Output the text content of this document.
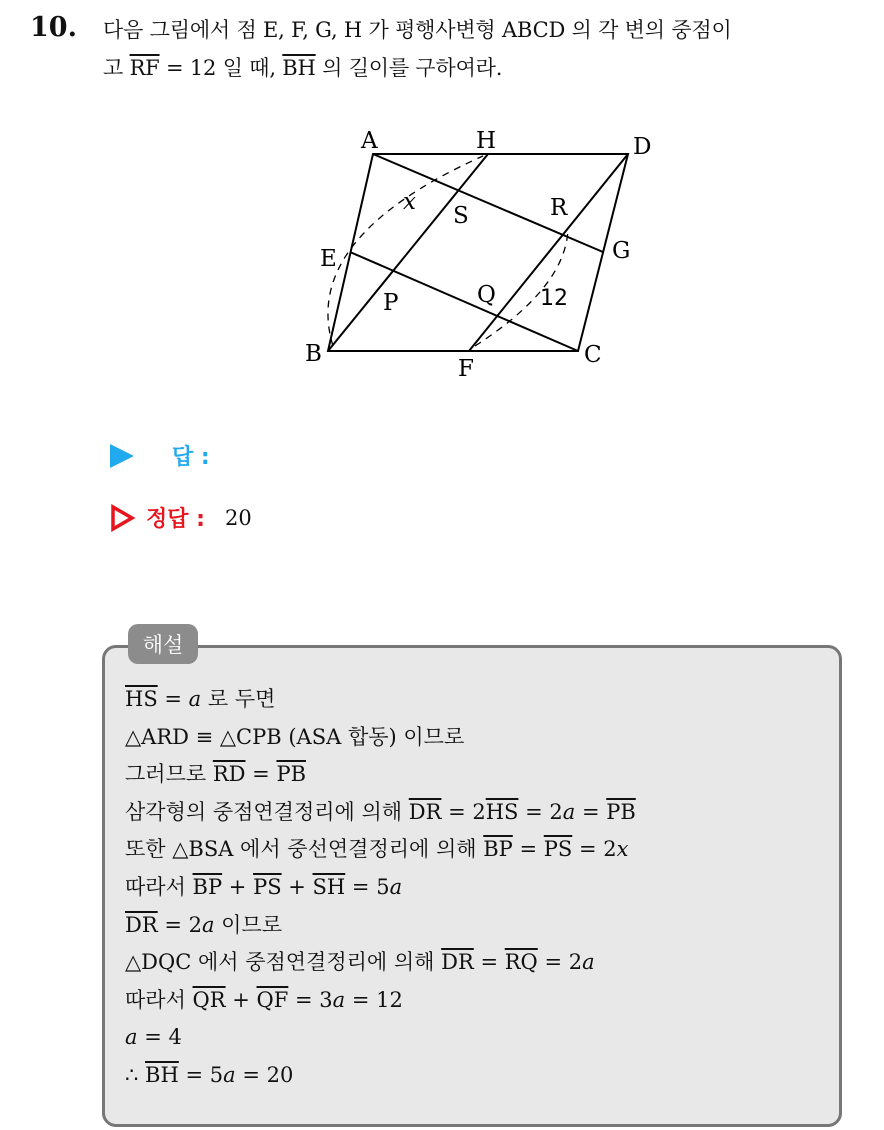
10. 다음 그림에서 점 E, F, G, H 가 평행사변형 ABCD 의 각 변의 중점이
고 $\overline{RF} = 12$ 일 때, $\overline{BH}$ 의 길이를 구하여라.
A	H	D
E	G
B
F
C
S	R
P	Q
x
12
답 :
정답 : 20
해설
$\overline{HS} = a$ 로 두면
△ARD ≡ △CPB (ASA 합동) 이므로
그러므로 $\overline{RD} = \overline{PB}$
삼각형의 중점연결정리에 의해 $\overline{DR} = 2\overline{HS} = 2a = \overline{PB}$
또한 △BSA 에서 중선연결정리에 의해 $\overline{BP} = \overline{PS} = 2x$
따라서 $\overline{BP} + \overline{PS} + \overline{SH} = 5a$
$\overline{DR} = 2a$ 이므로
△DQC 에서 중점연결정리에 의해 $\overline{DR} = \overline{RQ} = 2a$
따라서 $\overline{QR} + \overline{QF} = 3a = 12$
a = 4
∴ $\overline{BH} = 5a = 20$
